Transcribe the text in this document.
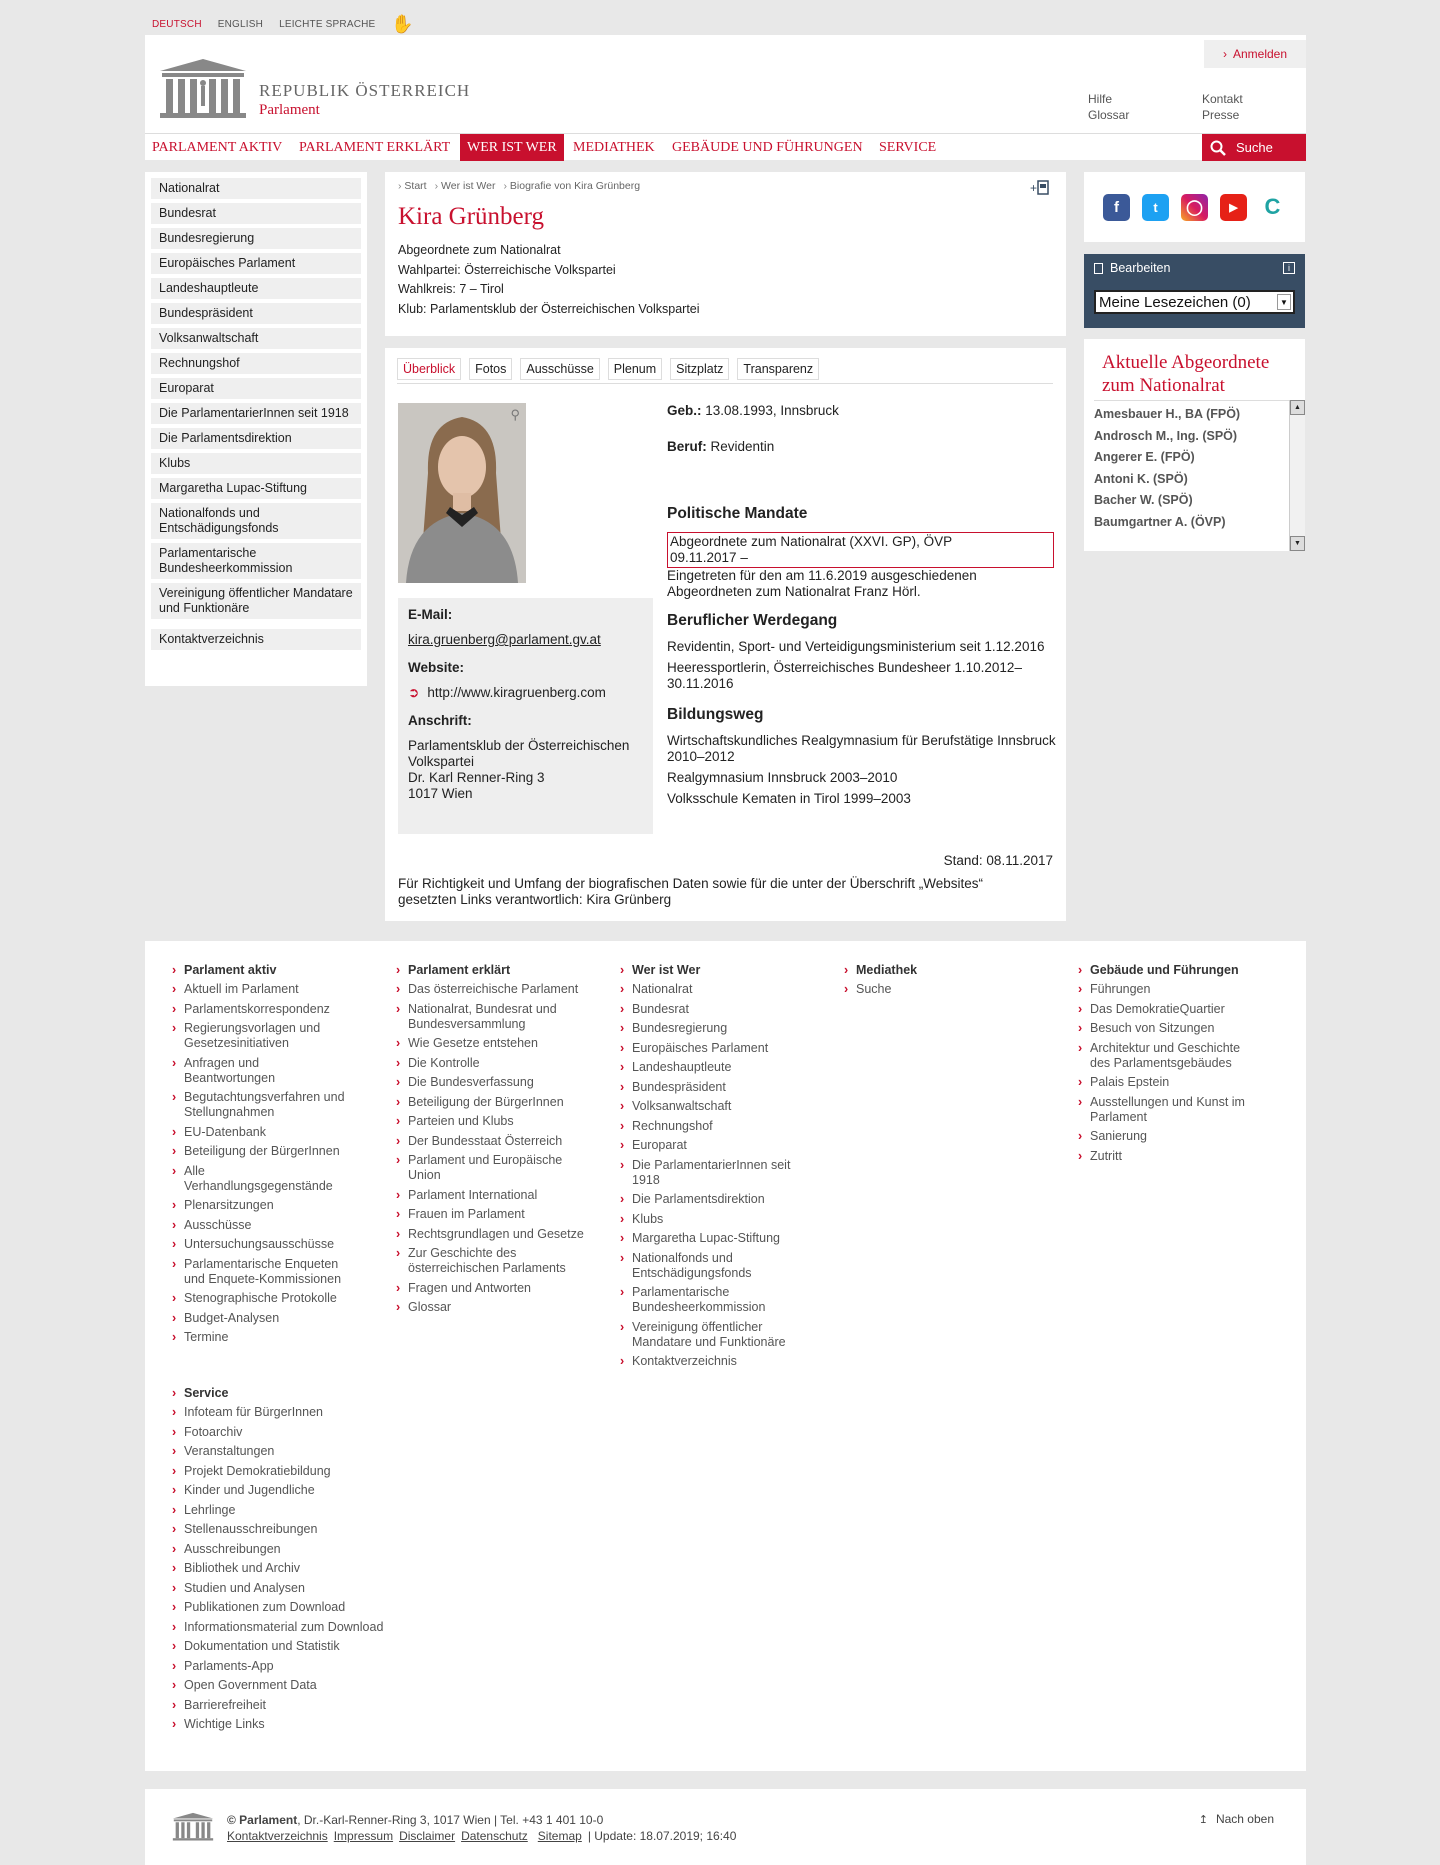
DEUTSCH ENGLISH LEICHTE SPRACHE ✋
REPUBLIK ÖSTERREICH
Parlament
› Anmelden
Hilfe
Glossar
Kontakt
Presse
PARLAMENT AKTIV	PARLAMENT ERKLÄRT	WER IST WER	MEDIATHEK	GEBÄUDE UND FÜHRUNGEN	SERVICE	Suche
Nationalrat
Bundesrat
Bundesregierung
Europäisches Parlament
Landeshauptleute
Bundespräsident
Volksanwaltschaft
Rechnungshof
Europarat
Die ParlamentarierInnen seit 1918
Die Parlamentsdirektion
Klubs
Margaretha Lupac-Stiftung
Nationalfonds und Entschädigungsfonds
Parlamentarische Bundesheerkommission
Vereinigung öffentlicher Mandatare und Funktionäre
Kontaktverzeichnis
› Start	› Wer ist Wer	› Biografie von Kira Grünberg	+
Kira Grünberg
Abgeordnete zum Nationalrat
Wahlpartei: Österreichische Volkspartei
Wahlkreis: 7 – Tirol
Klub: Parlamentsklub der Österreichischen Volkspartei
Überblick	Fotos	Ausschüsse	Plenum	Sitzplatz	Transparenz
⚲
E-Mail:
kira.gruenberg@parlament.gv.at
Website:
➲ http://www.kiragruenberg.com
Anschrift:
Parlamentsklub der Österreichischen Volkspartei
Dr. Karl Renner-Ring 3
1017 Wien
Geb.: 13.08.1993, Innsbruck
Beruf: Revidentin
Politische Mandate
Abgeordnete zum Nationalrat (XXVI. GP), ÖVP
09.11.2017 –
Eingetreten für den am 11.6.2019 ausgeschiedenen Abgeordneten zum Nationalrat Franz Hörl.
Beruflicher Werdegang
Revidentin, Sport- und Verteidigungsministerium seit 1.12.2016
Heeressportlerin, Österreichisches Bundesheer 1.10.2012–30.11.2016
Bildungsweg
Wirtschaftskundliches Realgymnasium für Berufstätige Innsbruck 2010–2012
Realgymnasium Innsbruck 2003–2010
Volksschule Kematen in Tirol 1999–2003
Stand: 08.11.2017
Für Richtigkeit und Umfang der biografischen Daten sowie für die unter der Überschrift „Websites“ gesetzten Links verantwortlich: Kira Grünberg
f	t	◯	▶	C
Bearbeiten	i
Meine Lesezeichen (0)	▼
Aktuelle Abgeordnete zum Nationalrat
Amesbauer H., BA (FPÖ)
Androsch M., Ing. (SPÖ)
Angerer E. (FPÖ)
Antoni K. (SPÖ)
Bacher W. (SPÖ)
Baumgartner A. (ÖVP)
▲
▼
› Parlament aktiv
› Aktuell im Parlament
› Parlamentskorrespondenz
› Regierungsvorlagen und Gesetzesinitiativen
› Anfragen und Beantwortungen
› Begutachtungsverfahren und Stellungnahmen
› EU-Datenbank
› Beteiligung der BürgerInnen
› Alle Verhandlungsgegenstände
› Plenarsitzungen
› Ausschüsse
› Untersuchungsausschüsse
› Parlamentarische Enqueten und Enquete-Kommissionen
› Stenographische Protokolle
› Budget-Analysen
› Termine
› Parlament erklärt
› Das österreichische Parlament
› Nationalrat, Bundesrat und Bundesversammlung
› Wie Gesetze entstehen
› Die Kontrolle
› Die Bundesverfassung
› Beteiligung der BürgerInnen
› Parteien und Klubs
› Der Bundesstaat Österreich
› Parlament und Europäische Union
› Parlament International
› Frauen im Parlament
› Rechtsgrundlagen und Gesetze
› Zur Geschichte des österreichischen Parlaments
› Fragen und Antworten
› Glossar
› Wer ist Wer
› Nationalrat
› Bundesrat
› Bundesregierung
› Europäisches Parlament
› Landeshauptleute
› Bundespräsident
› Volksanwaltschaft
› Rechnungshof
› Europarat
› Die ParlamentarierInnen seit 1918
› Die Parlamentsdirektion
› Klubs
› Margaretha Lupac-Stiftung
› Nationalfonds und Entschädigungsfonds
› Parlamentarische Bundesheerkommission
› Vereinigung öffentlicher Mandatare und Funktionäre
› Kontaktverzeichnis
› Mediathek
› Suche
› Gebäude und Führungen
› Führungen
› Das DemokratieQuartier
› Besuch von Sitzungen
› Architektur und Geschichte des Parlamentsgebäudes
› Palais Epstein
› Ausstellungen und Kunst im Parlament
› Sanierung
› Zutritt
› Service
› Infoteam für BürgerInnen
› Fotoarchiv
› Veranstaltungen
› Projekt Demokratiebildung
› Kinder und Jugendliche
› Lehrlinge
› Stellenausschreibungen
› Ausschreibungen
› Bibliothek und Archiv
› Studien und Analysen
› Publikationen zum Download
› Informationsmaterial zum Download
› Dokumentation und Statistik
› Parlaments-App
› Open Government Data
› Barrierefreiheit
› Wichtige Links
© Parlament, Dr.-Karl-Renner-Ring 3, 1017 Wien | Tel. +43 1 401 10-0
Kontaktverzeichnis Impressum Disclaimer Datenschutz Sitemap | Update: 18.07.2019; 16:40
↥ Nach oben
